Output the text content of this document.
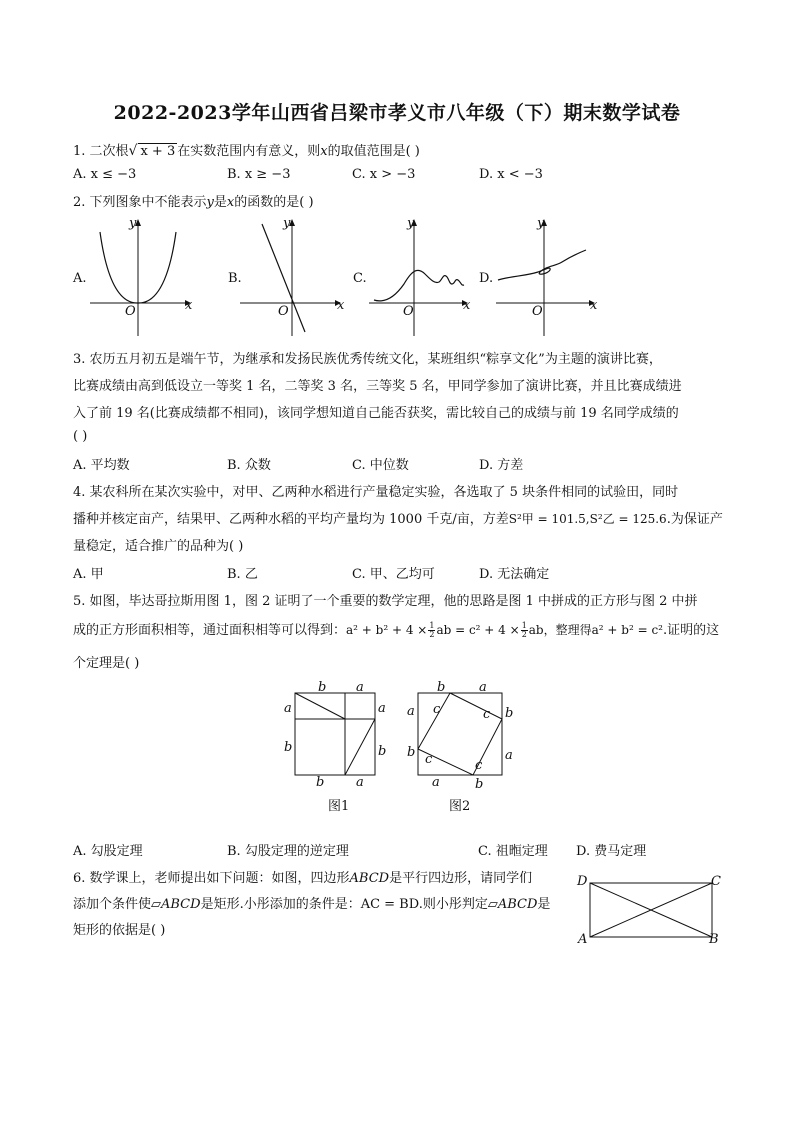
2022-2023学年山西省吕梁市孝义市八年级（下）期末数学试卷
1. 二次根√ x + 3 在实数范围内有意义，则x的取值范围是( )
A. x ≤ −3	B. x ≥ −3	C. x > −3	D. x < −3
2. 下列图象中不能表示y是x的函数的是( )
A.	B.	C.	D.
y
x
O
y
x
O
y
x
O
y
x
O
3. 农历五月初五是端午节，为继承和发扬民族优秀传统文化，某班组织“粽享文化”为主题的演讲比赛，
比赛成绩由高到低设立一等奖 1 名，二等奖 3 名，三等奖 5 名，甲同学参加了演讲比赛，并且比赛成绩进
入了前 19 名(比赛成绩都不相同)，该同学想知道自己能否获奖，需比较自己的成绩与前 19 名同学成绩的
( )
A. 平均数	B. 众数	C. 中位数	D. 方差
4. 某农科所在某次实验中，对甲、乙两种水稻进行产量稳定实验，各选取了 5 块条件相同的试验田，同时
播种并核定亩产，结果甲、乙两种水稻的平均产量均为 1000 千克/亩，方差S²甲 = 101.5,S²乙 = 125.6.为保证产
量稳定，适合推广的品种为( )
A. 甲	B. 乙	C. 甲、乙均可	D. 无法确定
5. 如图，毕达哥拉斯用图 1，图 2 证明了一个重要的数学定理，他的思路是图 1 中拼成的正方形与图 2 中拼
成的正方形面积相等，通过面积相等可以得到：$a^2 + b^2 + 4 \times \frac{1}{2}$ ab = $c^2 + 4 \times \frac{1}{2}$ ab，整理得a² + b² = c².证明的这
个定理是( )
b a
a
b
a
b
b a
图1
b	a
a
b
b
a
a	b
c	c
c	c
图2
A. 勾股定理	B. 勾股定理的逆定理	C. 祖暅定理 D. 费马定理
6. 数学课上，老师提出如下问题：如图，四边形ABCD是平行四边形，请同学们
添加个条件使▱ABCD是矩形.小彤添加的条件是：AC = BD.则小彤判定▱ABCD是
矩形的依据是( )
D	C
A	B
